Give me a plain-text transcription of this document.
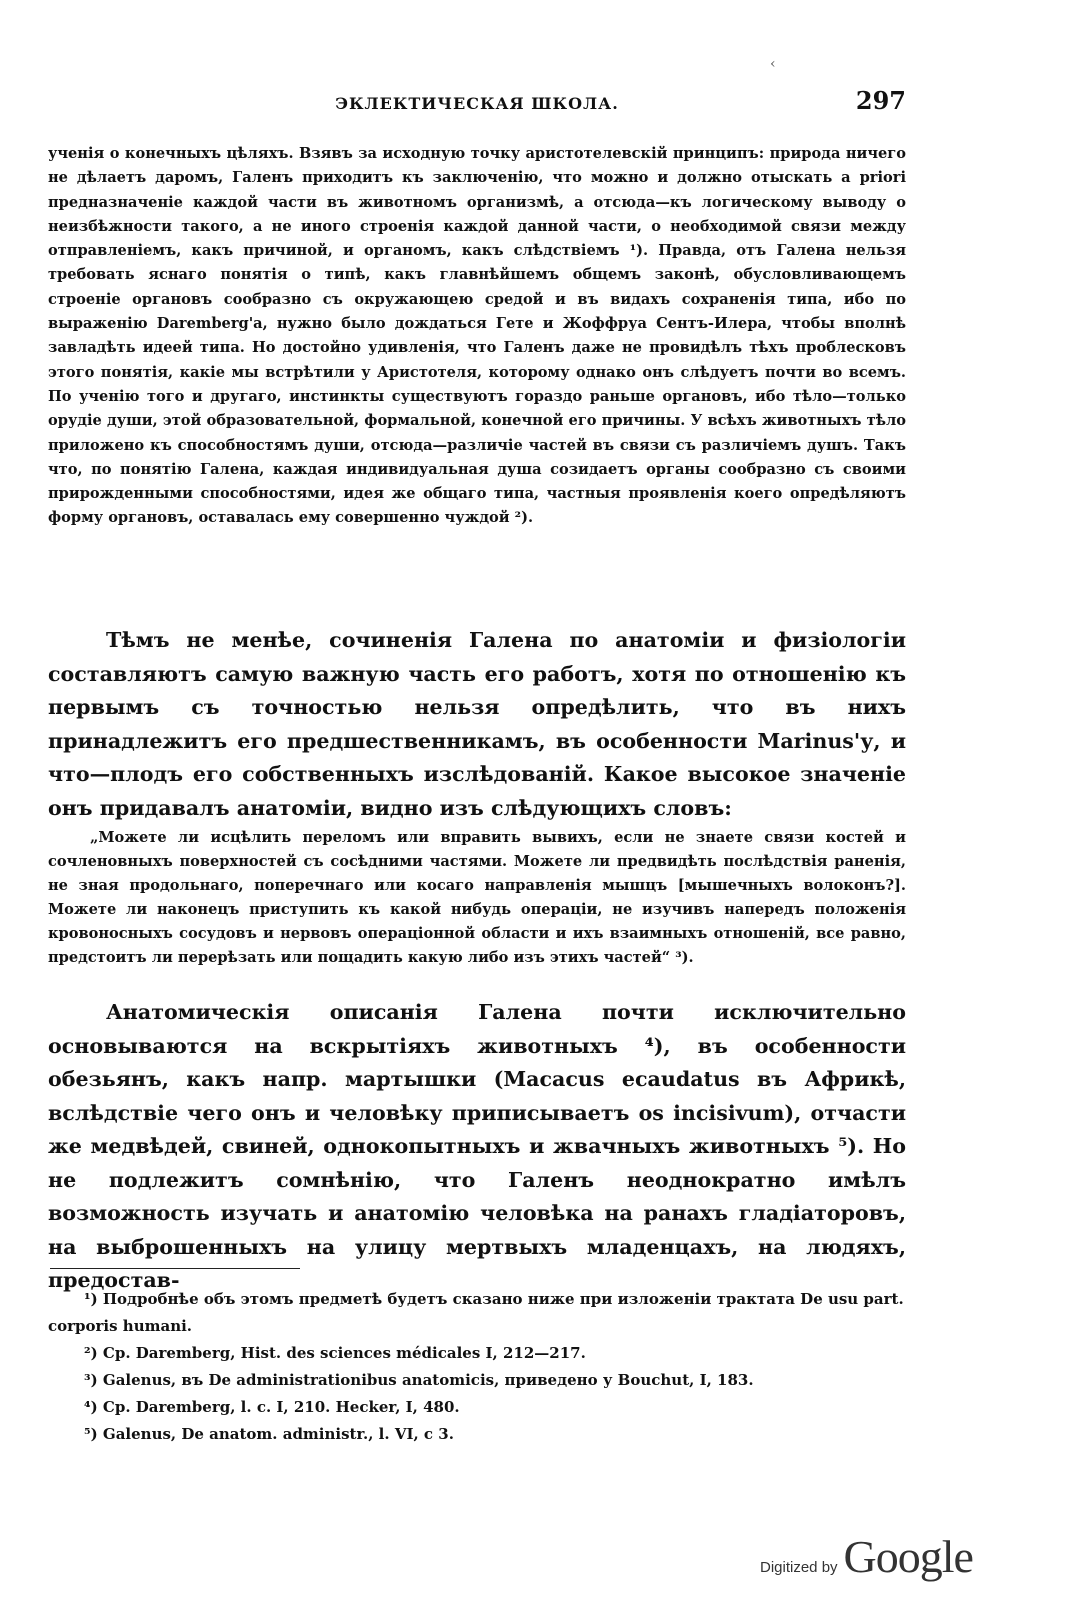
‹
ЭКЛЕКТИЧЕСКАЯ ШКОЛА.	297

ученія о конечныхъ цѣляхъ. Взявъ за исходную точку аристотелевскій принципъ: природа ничего не дѣлаетъ даромъ, Галенъ приходитъ къ заключенію, что можно и должно отыскать a priori предназначеніе каждой части въ животномъ организмѣ, а отсюда—къ логическому выводу о неизбѣжности такого, а не иного строенія каждой данной части, о необходимой связи между отправленіемъ, какъ причиной, и органомъ, какъ слѣдствіемъ ¹). Правда, отъ Галена нельзя требовать яснаго понятія о типѣ, какъ главнѣйшемъ общемъ законѣ, обусловливающемъ строеніе органовъ сообразно съ окружающею средой и въ видахъ сохраненія типа, ибо по выраженію Daremberg'а, нужно было дождаться Гете и Жоффруа Сентъ-Илера, чтобы вполнѣ завладѣть идеей типа. Но достойно удивленія, что Галенъ даже не провидѣлъ тѣхъ проблесковъ этого понятія, какіе мы встрѣтили у Аристотеля, которому однако онъ слѣдуетъ почти во всемъ. По ученію того и другаго, инстинкты существуютъ гораздо раньше органовъ, ибо тѣло—только орудіе души, этой образовательной, формальной, конечной его причины. У всѣхъ животныхъ тѣло приложено къ способностямъ души, отсюда—различіе частей въ связи съ различіемъ душъ. Такъ что, по понятію Галена, каждая индивидуальная душа созидаетъ органы сообразно съ своими прирожденными способностями, идея же общаго типа, частныя проявленія коего опредѣляютъ форму органовъ, оставалась ему совершенно чуждой ²).

Тѣмъ не менѣе, сочиненія Галена по анатоміи и физіологіи составляютъ самую важную часть его работъ, хотя по отношенію къ первымъ съ точностью нельзя опредѣлить, что въ нихъ принадлежитъ его предшественникамъ, въ особенности Marinus'у, и что—плодъ его собственныхъ изслѣдованій. Какое высокое значеніе онъ придавалъ анатоміи, видно изъ слѣдующихъ словъ:

„Можете ли исцѣлить переломъ или вправить вывихъ, если не знаете связи костей и сочленовныхъ поверхностей съ сосѣдними частями. Можете ли предвидѣть послѣдствія раненія, не зная продольнаго, поперечнаго или косаго направленія мышцъ [мышечныхъ волоконъ?]. Можете ли наконецъ приступить къ какой нибудь операціи, не изучивъ напередъ положенія кровоносныхъ сосудовъ и нервовъ операціонной области и ихъ взаимныхъ отношеній, все равно, предстоитъ ли перерѣзать или пощадить какую либо изъ этихъ частей“ ³).

Анатомическія описанія Галена почти исключительно основываются на вскрытіяхъ животныхъ ⁴), въ особенности обезьянъ, какъ напр. мартышки (Macacus ecaudatus въ Африкѣ, вслѣдствіе чего онъ и человѣку приписываетъ os incisivum), отчасти же медвѣдей, свиней, однокопытныхъ и жвачныхъ животныхъ ⁵). Но не подлежитъ сомнѣнію, что Галенъ неоднократно имѣлъ возможность изучать и анатомію человѣка на ранахъ гладіаторовъ, на выброшенныхъ на улицу мертвыхъ младенцахъ, на людяхъ, предостав-

¹) Подробнѣе объ этомъ предметѣ будетъ сказано ниже при изложеніи трактата De usu part. corporis humani.

²) Cp. Daremberg, Hist. des sciences médicales I, 212—217.

³) Galenus, въ De administrationibus anatomicis, приведено у Bouchut, I, 183.

⁴) Cp. Daremberg, l. c. I, 210. Hecker, I, 480.

⁵) Galenus, De anatom. administr., l. VI, c 3.

Digitized by Google
